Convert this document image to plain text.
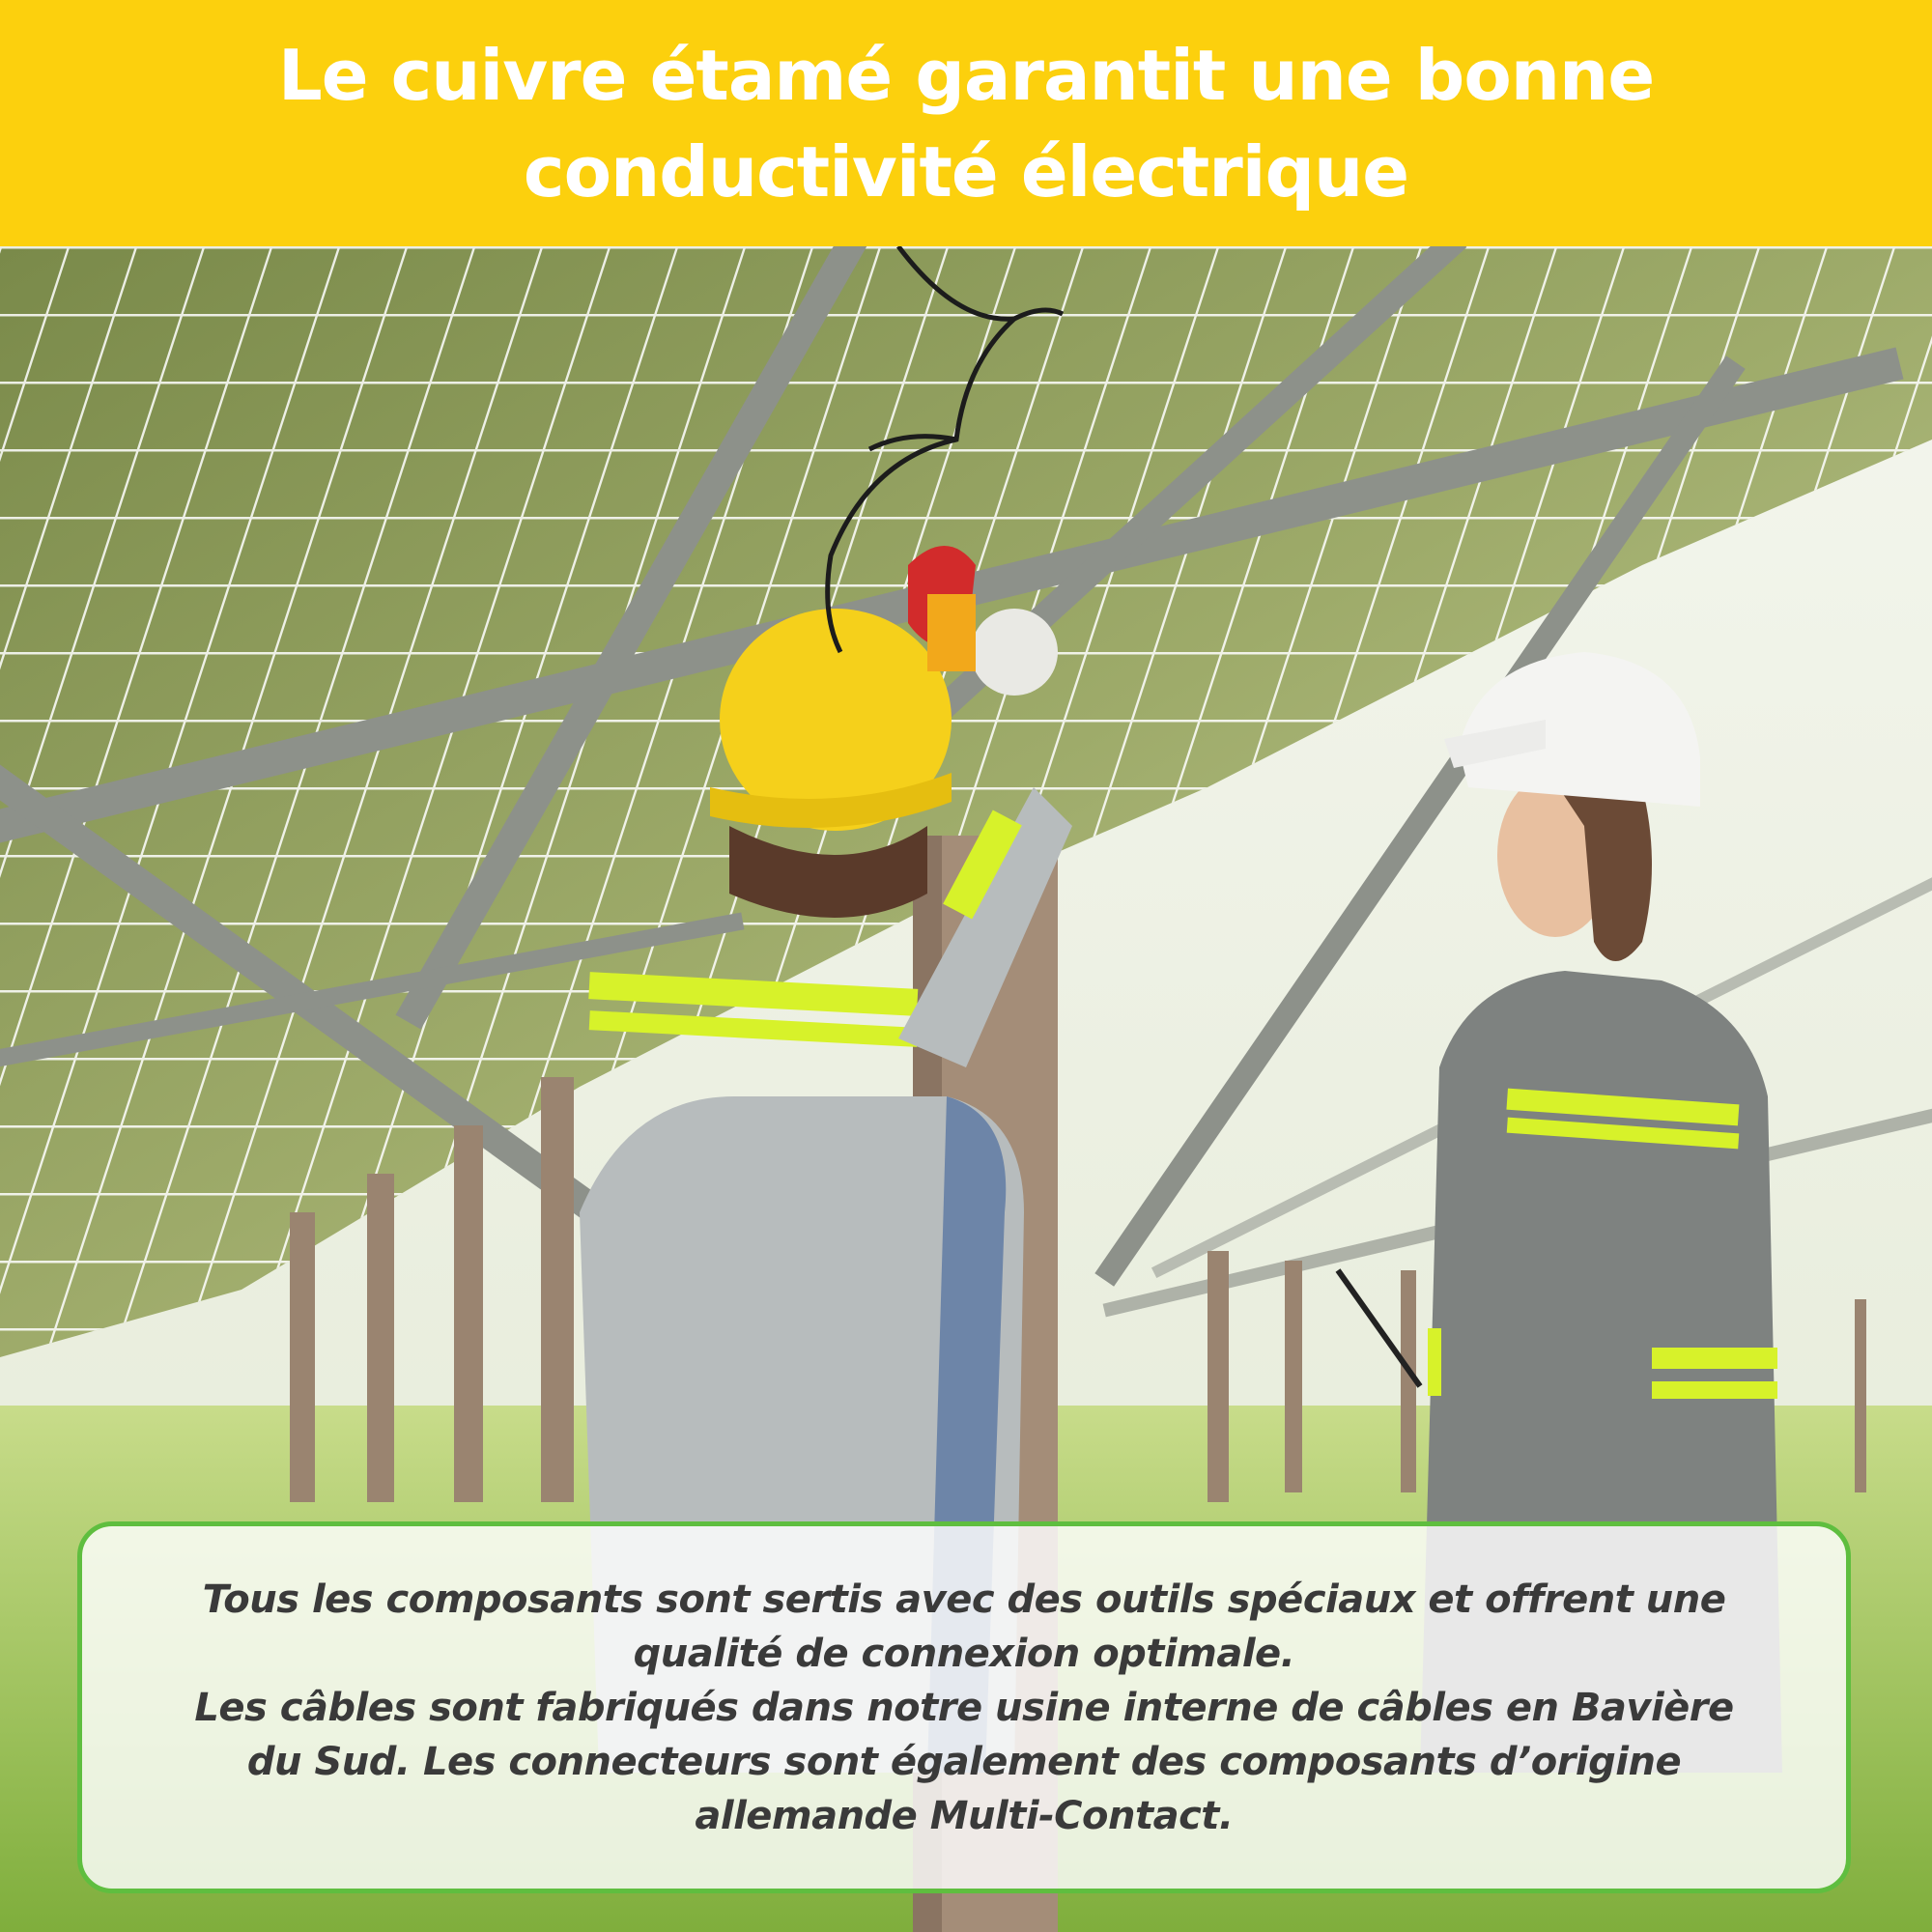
Le cuivre étamé garantit une bonne
conductivité électrique

Tous les composants sont sertis avec des outils spéciaux et offrent une
qualité de connexion optimale.
Les câbles sont fabriqués dans notre usine interne de câbles en Bavière
du Sud. Les connecteurs sont également des composants d’origine
allemande Multi-Contact.
